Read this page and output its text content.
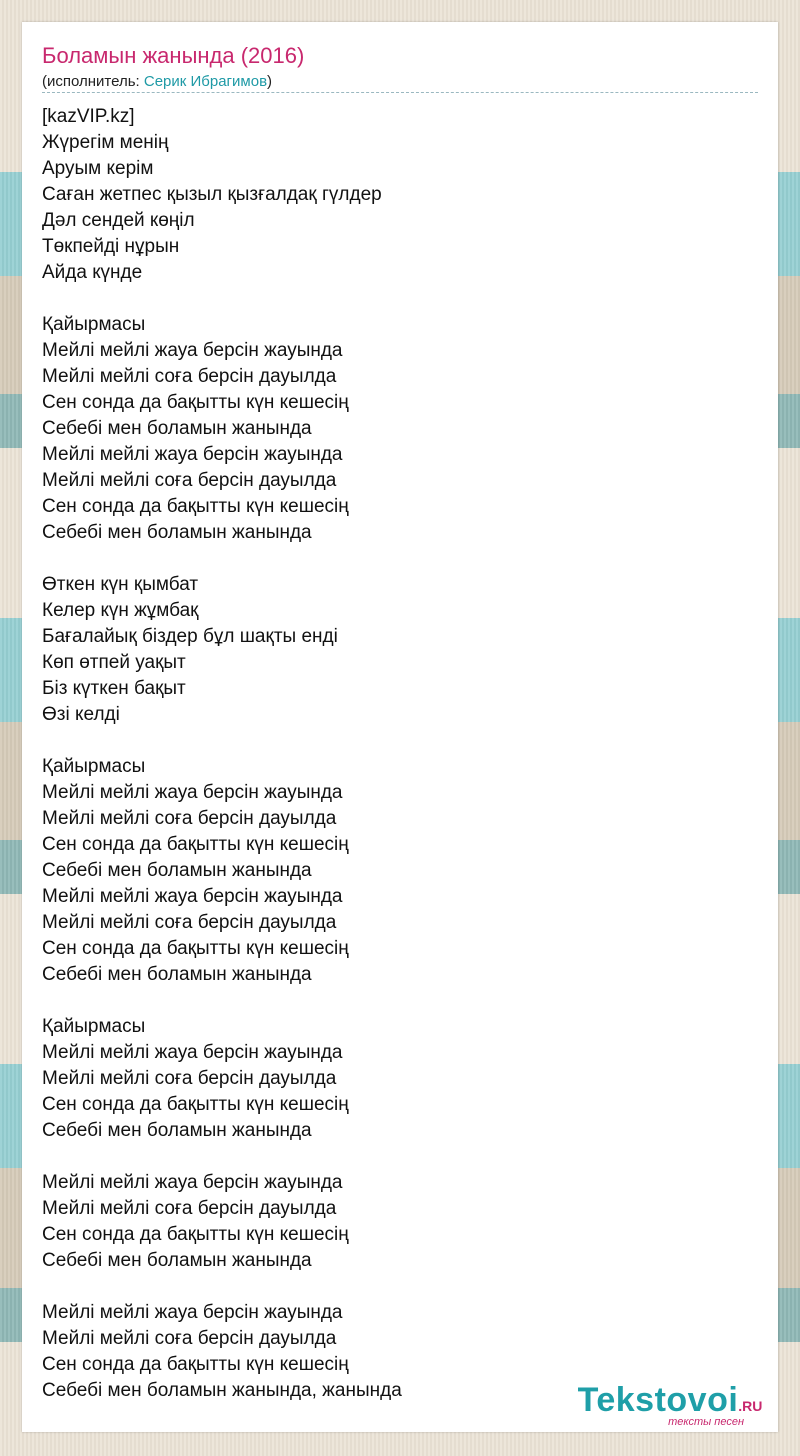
Боламын жанында (2016)
(исполнитель: Серик Ибрагимов)
[kazVIP.kz]
Жүрегім менің
Аруым керім
Саған жетпес қызыл қызғалдақ гүлдер
Дәл сендей көңіл
Төкпейді нұрын
Айда күнде
Қайырмасы
Мейлі мейлі жауа берсін жауында
Мейлі мейлі соға берсін дауылда
Сен сонда да бақытты күн кешесің
Себебі мен боламын жанында
Мейлі мейлі жауа берсін жауында
Мейлі мейлі соға берсін дауылда
Сен сонда да бақытты күн кешесің
Себебі мен боламын жанында
Өткен күн қымбат
Келер күн жұмбақ
Бағалайық біздер бұл шақты енді
Көп өтпей уақыт
Біз күткен бақыт
Өзі келді
Қайырмасы
Мейлі мейлі жауа берсін жауында
Мейлі мейлі соға берсін дауылда
Сен сонда да бақытты күн кешесің
Себебі мен боламын жанында
Мейлі мейлі жауа берсін жауында
Мейлі мейлі соға берсін дауылда
Сен сонда да бақытты күн кешесің
Себебі мен боламын жанында
Қайырмасы
Мейлі мейлі жауа берсін жауында
Мейлі мейлі соға берсін дауылда
Сен сонда да бақытты күн кешесің
Себебі мен боламын жанында
Мейлі мейлі жауа берсін жауында
Мейлі мейлі соға берсін дауылда
Сен сонда да бақытты күн кешесің
Себебі мен боламын жанында
Мейлі мейлі жауа берсін жауында
Мейлі мейлі соға берсін дауылда
Сен сонда да бақытты күн кешесің
Себебі мен боламын жанында, жанында	Tekstovoi.RU
тексты песен
